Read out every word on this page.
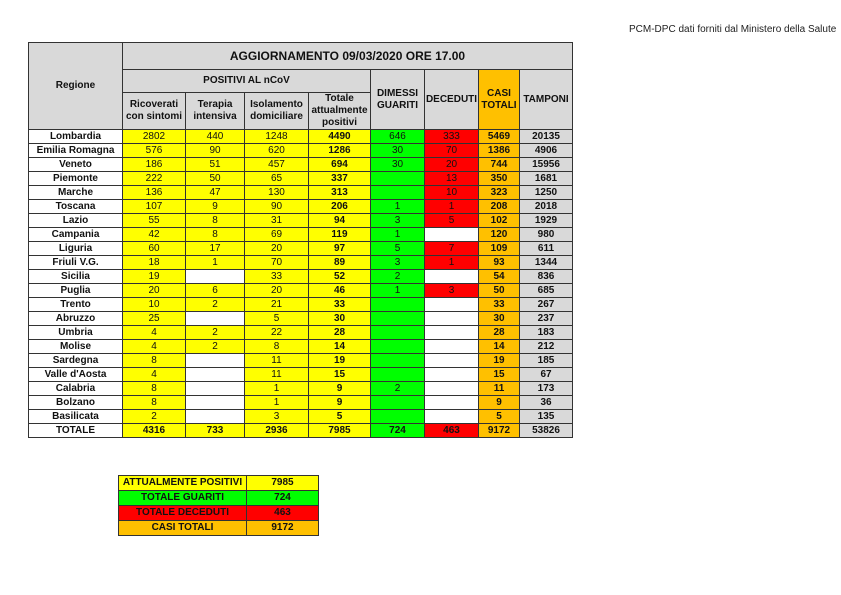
PCM-DPC dati forniti dal Ministero della Salute
Regione	AGGIORNAMENTO 09/03/2020 ORE 17.00							
	POSITIVI AL nCoV				DIMESSI GUARITI	DECEDUTI	CASI TOTALI	TAMPONI
	Ricoverati con sintomi	Terapia intensiva	Isolamento domiciliare	Totale attualmente positivi				
Lombardia	2802	440	1248	4490	646	333	5469	20135
Emilia Romagna	576	90	620	1286	30	70	1386	4906
Veneto	186	51	457	694	30	20	744	15956
Piemonte	222	50	65	337		13	350	1681
Marche	136	47	130	313		10	323	1250
Toscana	107	9	90	206	1	1	208	2018
Lazio	55	8	31	94	3	5	102	1929
Campania	42	8	69	119	1		120	980
Liguria	60	17	20	97	5	7	109	611
Friuli V.G.	18	1	70	89	3	1	93	1344
Sicilia	19		33	52	2		54	836
Puglia	20	6	20	46	1	3	50	685
Trento	10	2	21	33			33	267
Abruzzo	25		5	30			30	237
Umbria	4	2	22	28			28	183
Molise	4	2	8	14			14	212
Sardegna	8		11	19			19	185
Valle d'Aosta	4		11	15			15	67
Calabria	8		1	9	2		11	173
Bolzano	8		1	9			9	36
Basilicata	2		3	5			5	135
TOTALE	4316	733	2936	7985	724	463	9172	53826
ATTUALMENTE POSITIVI	7985
TOTALE GUARITI	724
TOTALE DECEDUTI	463
CASI TOTALI	9172
